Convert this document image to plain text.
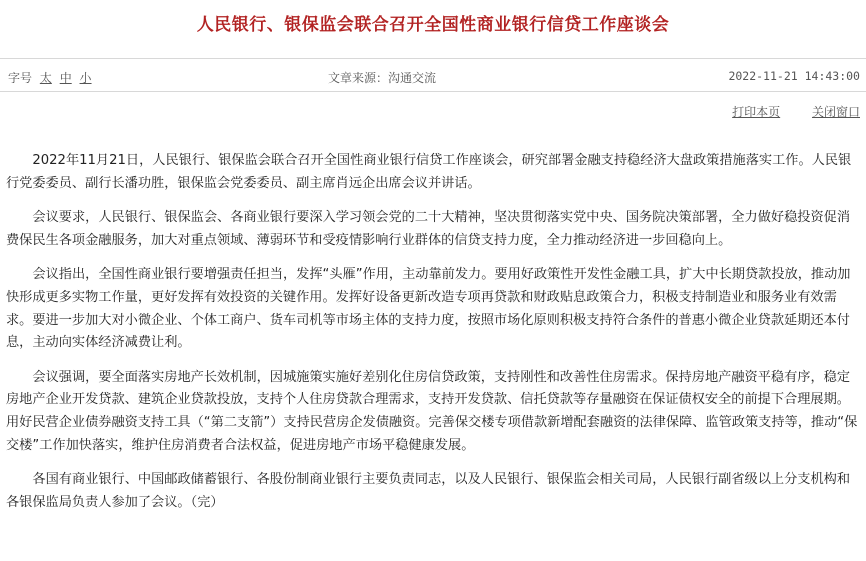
人民银行、银保监会联合召开全国性商业银行信贷工作座谈会
字号 太 中 小	文章来源：沟通交流	2022-11-21 14:43:00
打印本页	关闭窗口

2022年11月21日，人民银行、银保监会联合召开全国性商业银行信贷工作座谈会，研究部署金融支持稳经济大盘政策措施落实工作。人民银行党委委员、副行长潘功胜，银保监会党委委员、副主席肖远企出席会议并讲话。

会议要求，人民银行、银保监会、各商业银行要深入学习领会党的二十大精神，坚决贯彻落实党中央、国务院决策部署，全力做好稳投资促消费保民生各项金融服务，加大对重点领域、薄弱环节和受疫情影响行业群体的信贷支持力度，全力推动经济进一步回稳向上。

会议指出，全国性商业银行要增强责任担当，发挥“头雁”作用，主动靠前发力。要用好政策性开发性金融工具，扩大中长期贷款投放，推动加快形成更多实物工作量，更好发挥有效投资的关键作用。发挥好设备更新改造专项再贷款和财政贴息政策合力，积极支持制造业和服务业有效需求。要进一步加大对小微企业、个体工商户、货车司机等市场主体的支持力度，按照市场化原则积极支持符合条件的普惠小微企业贷款延期还本付息，主动向实体经济减费让利。

会议强调，要全面落实房地产长效机制，因城施策实施好差别化住房信贷政策，支持刚性和改善性住房需求。保持房地产融资平稳有序，稳定房地产企业开发贷款、建筑企业贷款投放，支持个人住房贷款合理需求，支持开发贷款、信托贷款等存量融资在保证债权安全的前提下合理展期。用好民营企业债券融资支持工具（“第二支箭”）支持民营房企发债融资。完善保交楼专项借款新增配套融资的法律保障、监管政策支持等，推动“保交楼”工作加快落实，维护住房消费者合法权益，促进房地产市场平稳健康发展。

各国有商业银行、中国邮政储蓄银行、各股份制商业银行主要负责同志，以及人民银行、银保监会相关司局，人民银行副省级以上分支机构和各银保监局负责人参加了会议。（完）
